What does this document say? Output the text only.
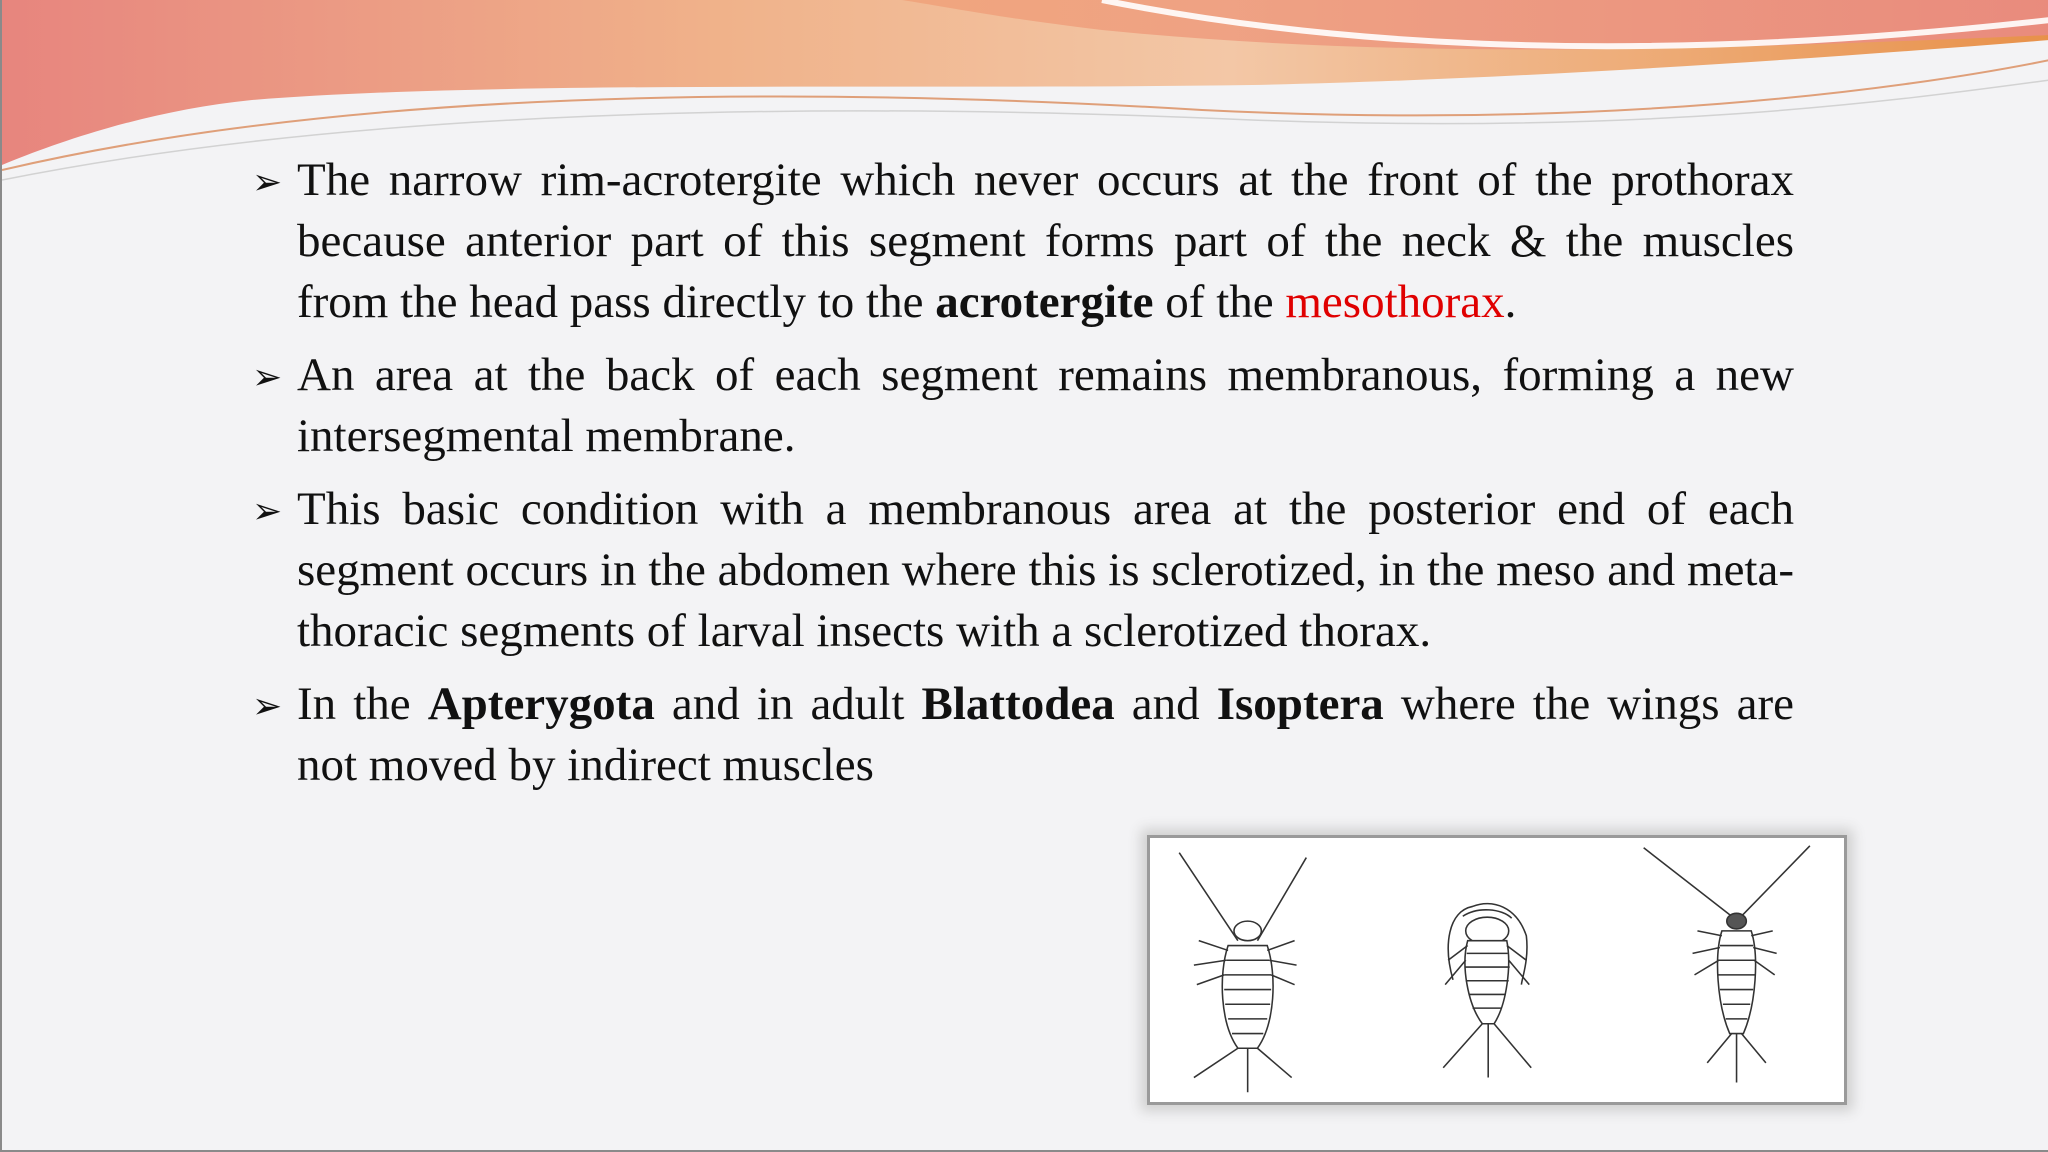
➢ The narrow rim-acrotergite which never occurs at the front of the prothorax because anterior part of this segment forms part of the neck & the muscles from the head pass directly to the acrotergite of the mesothorax.
➢ An area at the back of each segment remains membranous, forming a new intersegmental membrane.
➢ This basic condition with a membranous area at the posterior end of each segment occurs in the abdomen where this is sclerotized, in the meso and meta-thoracic segments of larval insects with a sclerotized thorax.
➢ In the Apterygota and in adult Blattodea and Isoptera where the wings are not moved by indirect muscles
